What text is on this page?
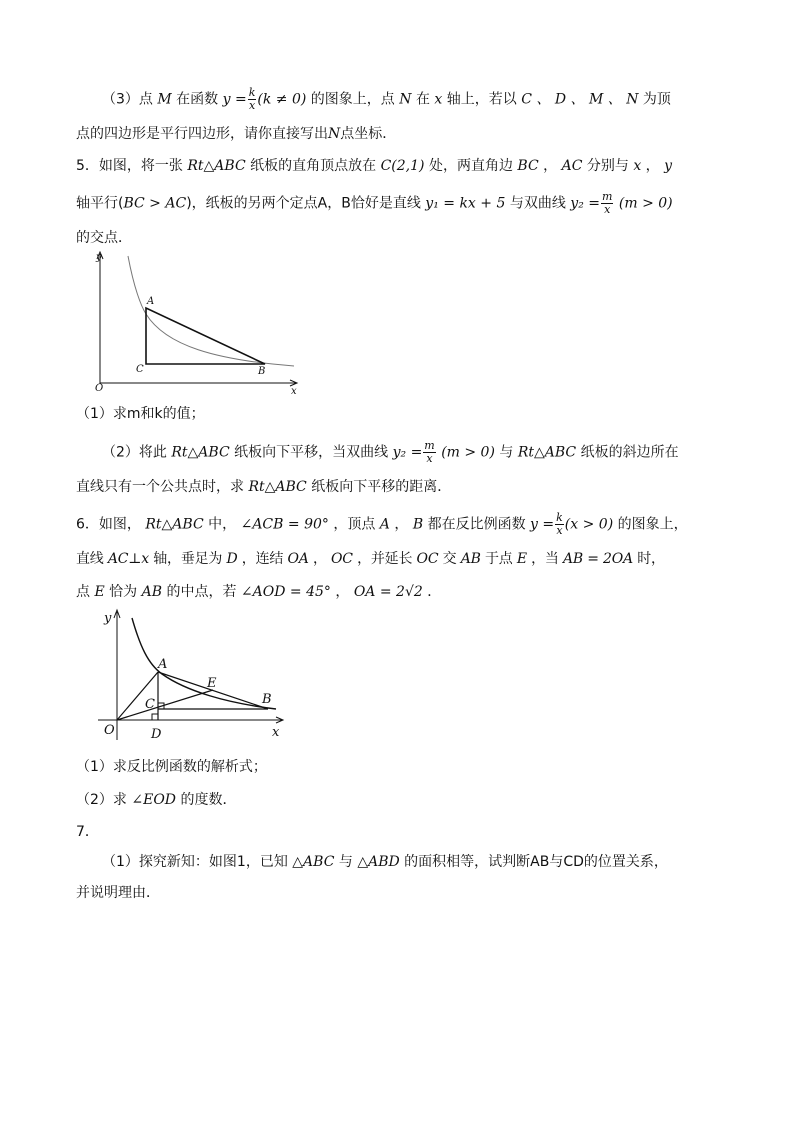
（3）点 M 在函数 $y = \frac{k}{x} (k \ne 0)$ 的图象上，点 N 在 x 轴上，若以 C 、 D 、 M 、 N 为顶
点的四边形是平行四边形，请你直接写出N点坐标．
5．如图，将一张 Rt△ABC 纸板的直角顶点放在 C(2,1) 处，两直角边 BC ， AC 分别与 x ， y
轴平行(BC > AC)，纸板的另两个定点A，B恰好是直线 y₁ = kx + 5 与双曲线 $y_2 = \frac{m}{x} (m > 0)$
的交点．
y
x
O
A
C	B
（1）求m和k的值；
（2）将此 Rt△ABC 纸板向下平移，当双曲线 $y_2 = \frac{m}{x} (m > 0)$ 与 Rt△ABC 纸板的斜边所在
直线只有一个公共点时，求 Rt△ABC 纸板向下平移的距离．
6．如图， Rt△ABC 中， ∠ACB = 90° ，顶点 A ， B 都在反比例函数 $y = \frac{k}{x} (x > 0)$ 的图象上，
直线 AC⊥x 轴，垂足为 D ，连结 OA ， OC ，并延长 OC 交 AB 于点 E ，当 AB = 2OA 时，
点 E 恰为 AB 的中点，若 ∠AOD = 45° ， OA = 2√2 ．
y
x
O
A
C
D
E
B
（1）求反比例函数的解析式；
（2）求 ∠EOD 的度数．
7．
（1）探究新知：如图1，已知 △ABC 与 △ABD 的面积相等，试判断AB与CD的位置关系，
并说明理由．
